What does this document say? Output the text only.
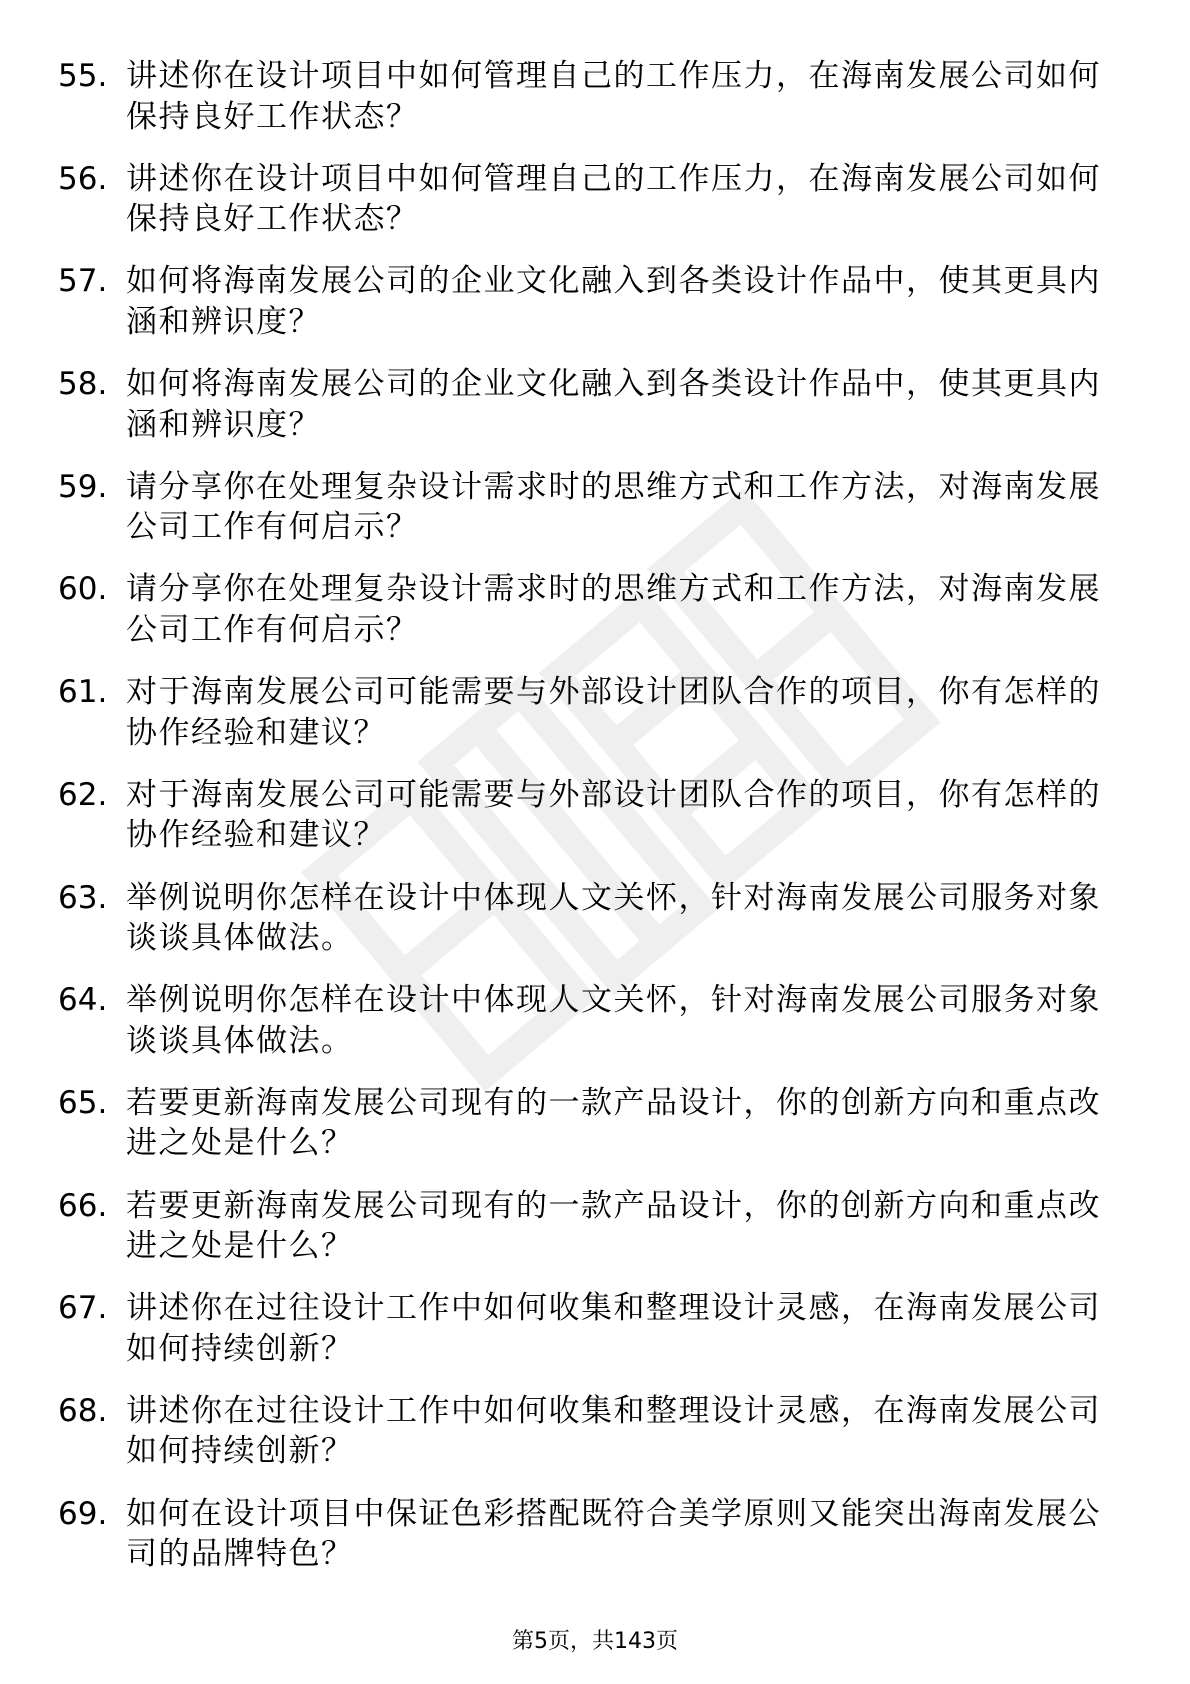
55. 讲述你在设计项目中如何管理自己的工作压力，在海南发展公司如何保持良好工作状态？
56. 讲述你在设计项目中如何管理自己的工作压力，在海南发展公司如何保持良好工作状态？
57. 如何将海南发展公司的企业文化融入到各类设计作品中，使其更具内涵和辨识度？
58. 如何将海南发展公司的企业文化融入到各类设计作品中，使其更具内涵和辨识度？
59. 请分享你在处理复杂设计需求时的思维方式和工作方法，对海南发展公司工作有何启示？
60. 请分享你在处理复杂设计需求时的思维方式和工作方法，对海南发展公司工作有何启示？
61. 对于海南发展公司可能需要与外部设计团队合作的项目，你有怎样的协作经验和建议？
62. 对于海南发展公司可能需要与外部设计团队合作的项目，你有怎样的协作经验和建议？
63. 举例说明你怎样在设计中体现人文关怀，针对海南发展公司服务对象谈谈具体做法。
64. 举例说明你怎样在设计中体现人文关怀，针对海南发展公司服务对象谈谈具体做法。
65. 若要更新海南发展公司现有的一款产品设计，你的创新方向和重点改进之处是什么？
66. 若要更新海南发展公司现有的一款产品设计，你的创新方向和重点改进之处是什么？
67. 讲述你在过往设计工作中如何收集和整理设计灵感，在海南发展公司如何持续创新？
68. 讲述你在过往设计工作中如何收集和整理设计灵感，在海南发展公司如何持续创新？
69. 如何在设计项目中保证色彩搭配既符合美学原则又能突出海南发展公司的品牌特色？
第5页，共143页
